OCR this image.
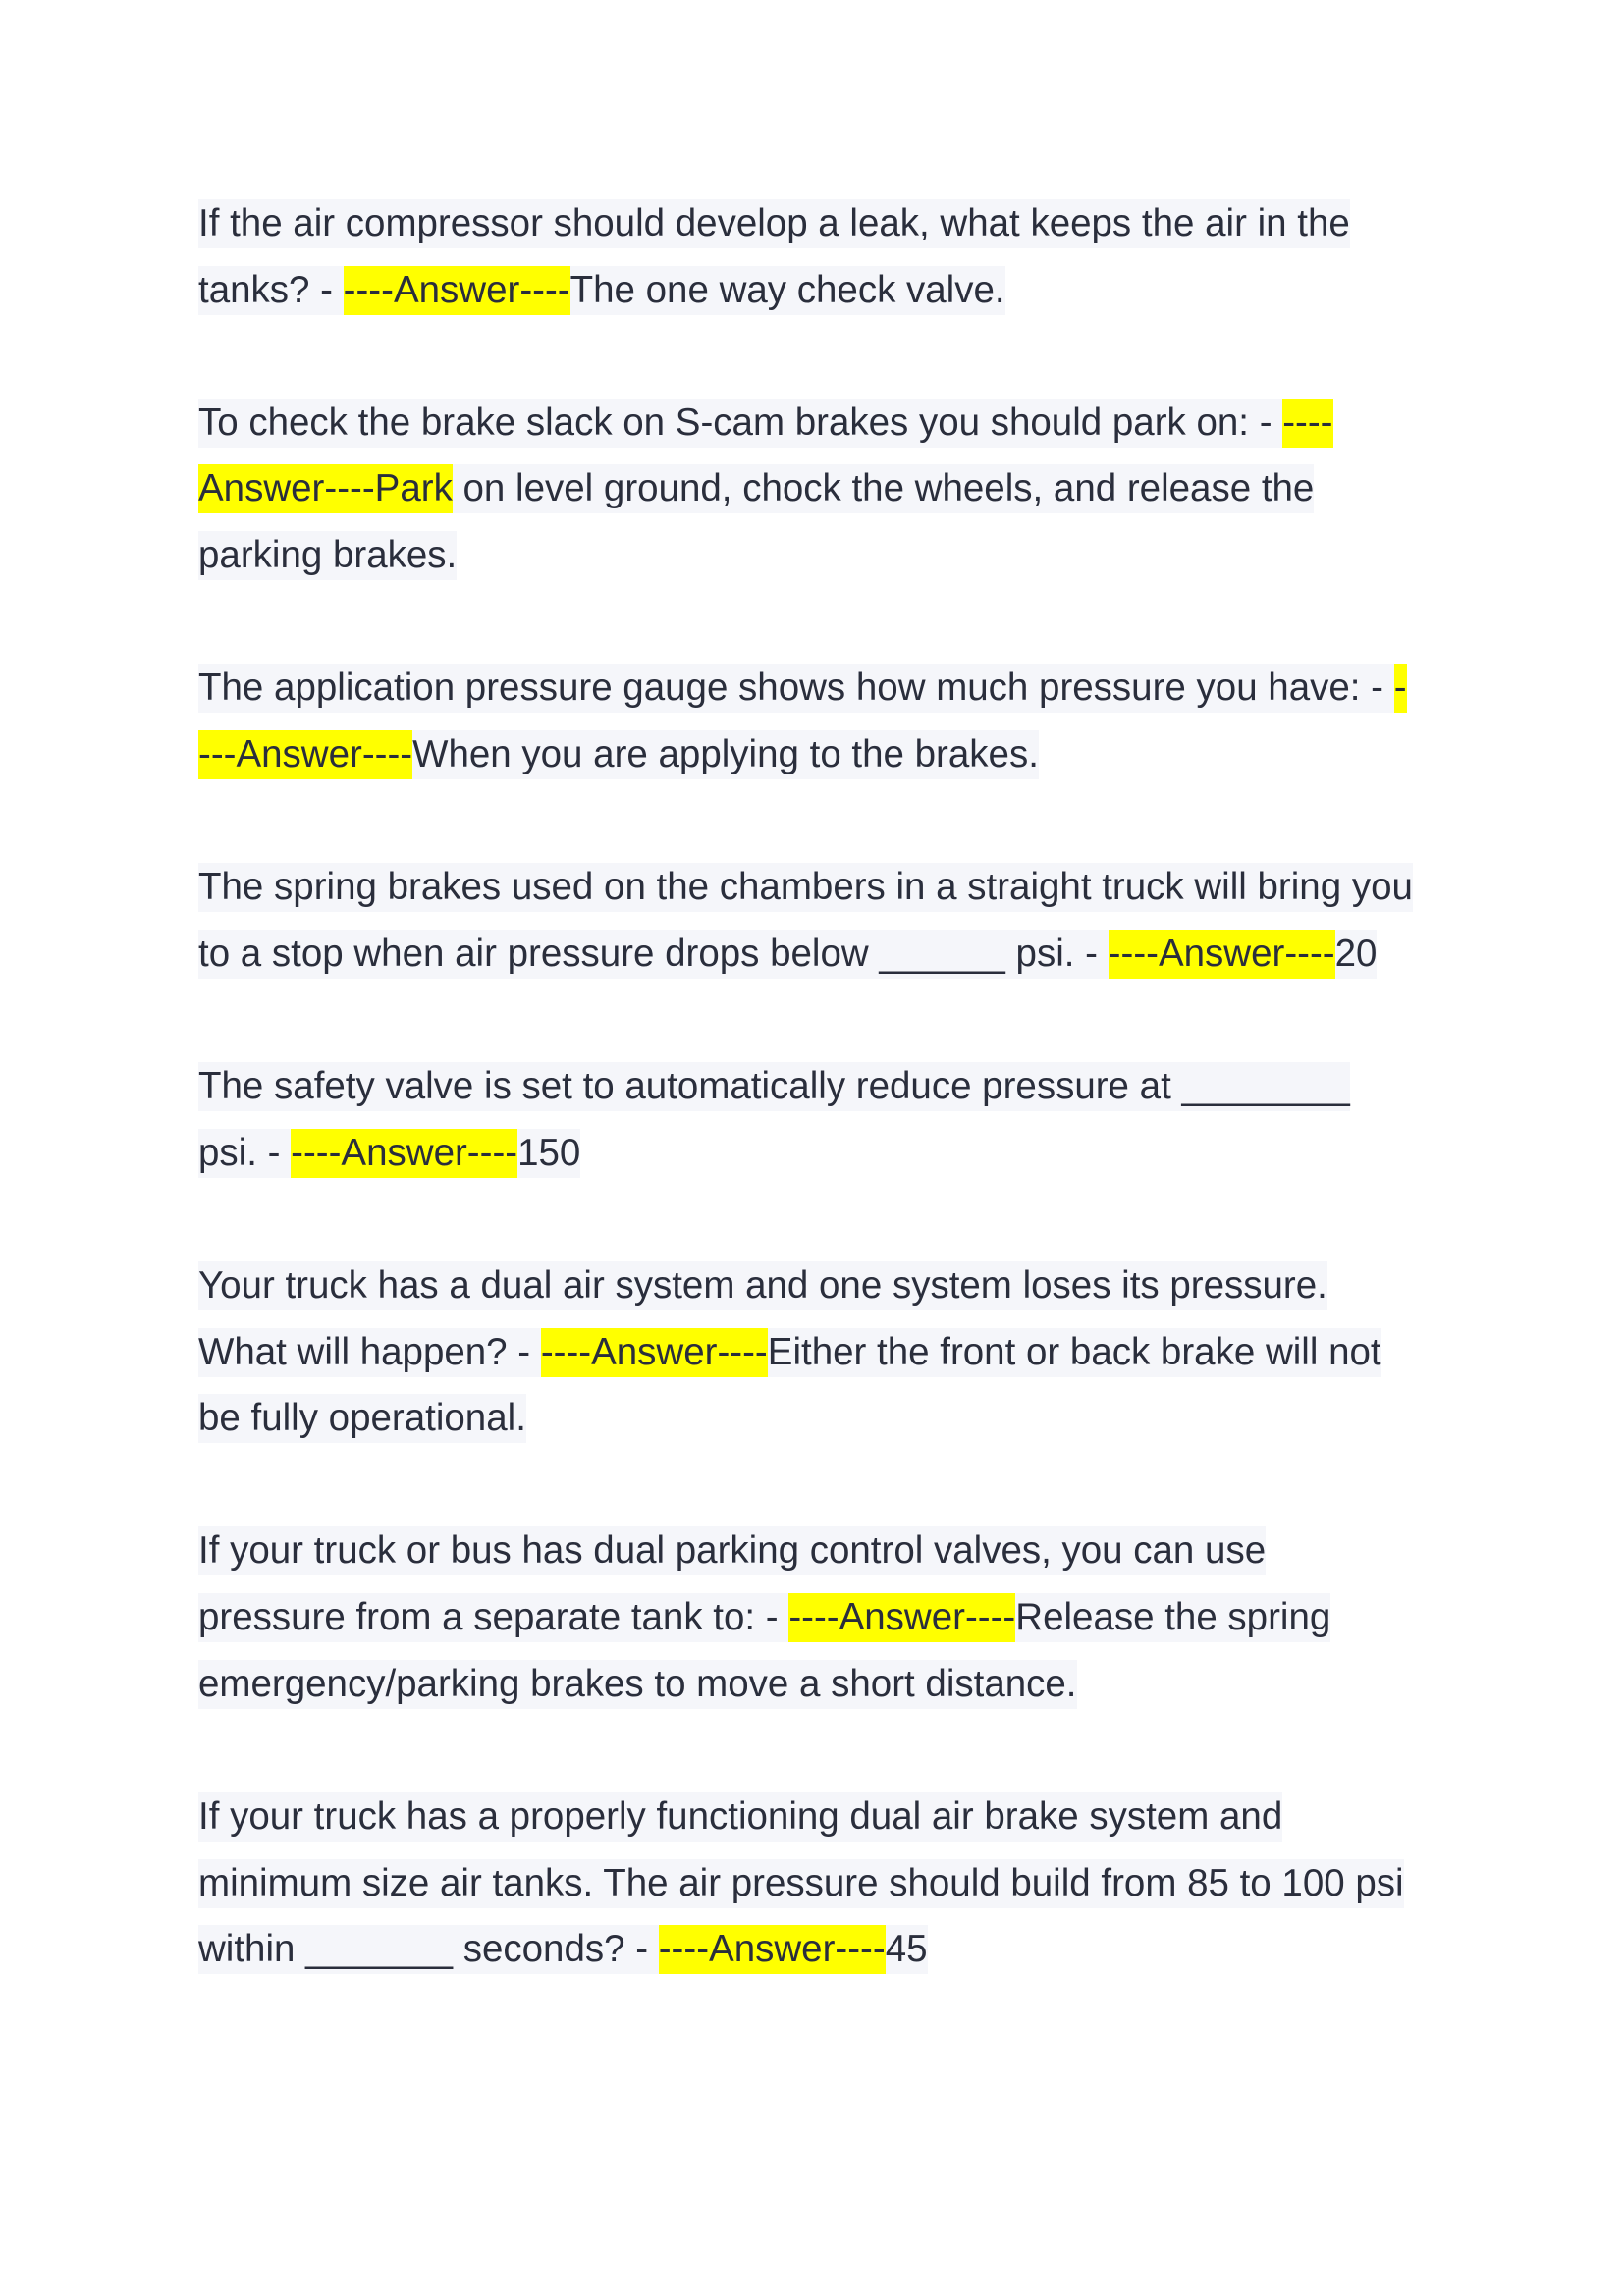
If the air compressor should develop a leak, what keeps the air in the
tanks? - ----Answer----The one way check valve.
To check the brake slack on S-cam brakes you should park on: - ----
Answer----Park on level ground, chock the wheels, and release the
parking brakes.
The application pressure gauge shows how much pressure you have: - -
---Answer----When you are applying to the brakes.
The spring brakes used on the chambers in a straight truck will bring you
to a stop when air pressure drops below ______ psi. - ----Answer----20
The safety valve is set to automatically reduce pressure at ________
psi. - ----Answer----150
Your truck has a dual air system and one system loses its pressure.
What will happen? - ----Answer----Either the front or back brake will not
be fully operational.
If your truck or bus has dual parking control valves, you can use
pressure from a separate tank to: - ----Answer----Release the spring
emergency/parking brakes to move a short distance.
If your truck has a properly functioning dual air brake system and
minimum size air tanks. The air pressure should build from 85 to 100 psi
within _______ seconds? - ----Answer----45
